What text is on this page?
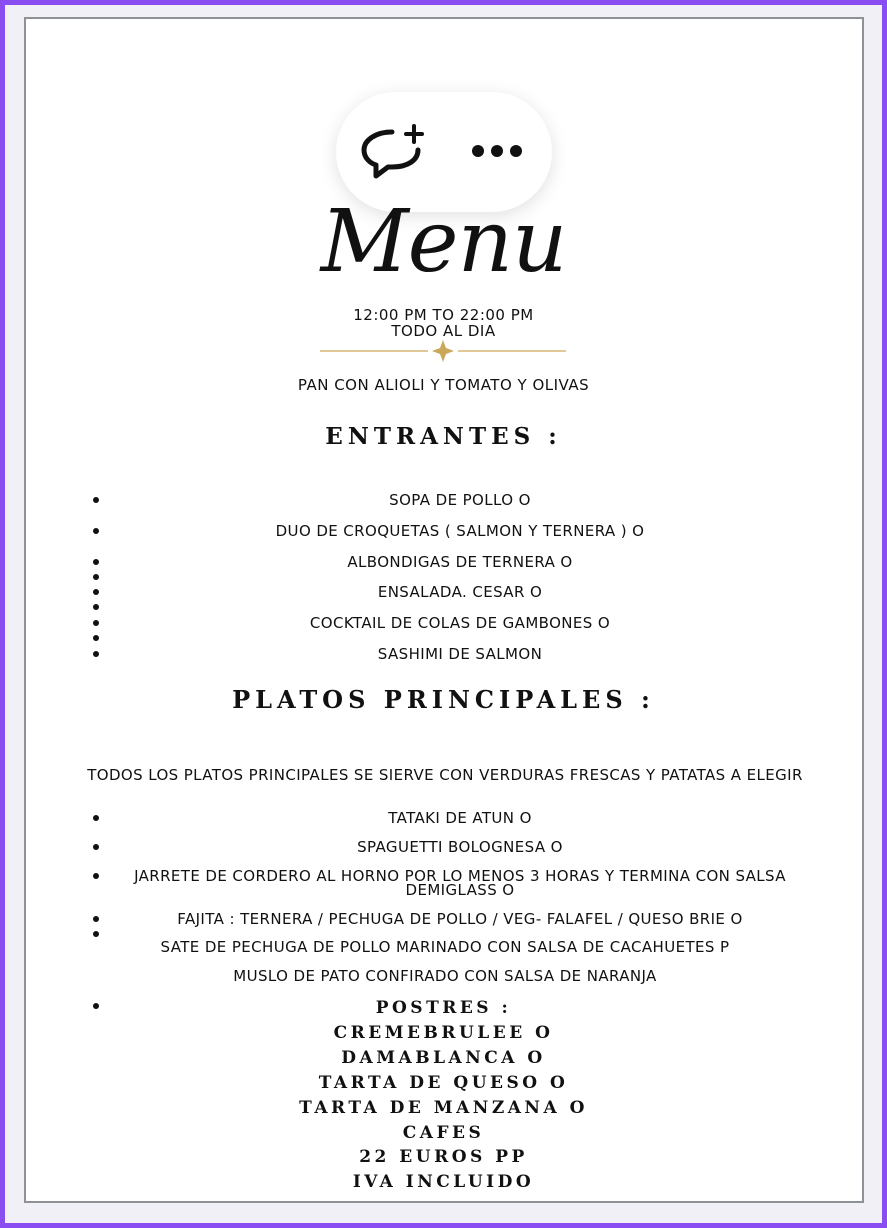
Menu
12:00 PM TO 22:00 PM
TODO AL DIA
PAN CON ALIOLI Y TOMATO Y OLIVAS
ENTRANTES :
SOPA DE POLLO O
DUO DE CROQUETAS ( SALMON Y TERNERA ) O
ALBONDIGAS DE TERNERA O
ENSALADA. CESAR O
COCKTAIL DE COLAS DE GAMBONES O
SASHIMI DE SALMON
PLATOS PRINCIPALES :
TODOS LOS PLATOS PRINCIPALES SE SIERVE CON VERDURAS FRESCAS Y PATATAS A ELEGIR
TATAKI DE ATUN O
SPAGUETTI BOLOGNESA O
JARRETE DE CORDERO AL HORNO POR LO MENOS 3 HORAS Y TERMINA CON SALSA DEMIGLASS O
FAJITA : TERNERA / PECHUGA DE POLLO / VEG- FALAFEL / QUESO BRIE O
SATE DE PECHUGA DE POLLO MARINADO CON SALSA DE CACAHUETES P
MUSLO DE PATO CONFIRADO CON SALSA DE NARANJA
POSTRES :
CREMEBRULEE O
DAMABLANCA O
TARTA DE QUESO O
TARTA DE MANZANA O
CAFES
22 EUROS PP
IVA INCLUIDO
